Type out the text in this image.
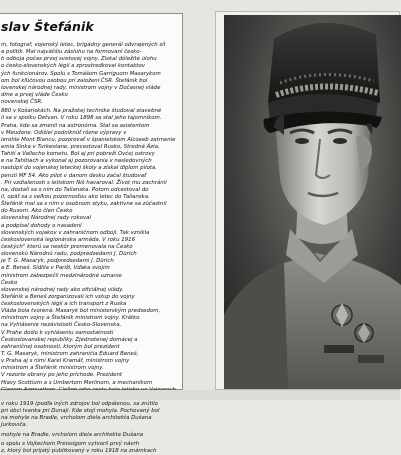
slav Štefánik
m, fotograf, vojenský letec, brigádny generál odvrajených síl
a politik. Mal najväčšiu zásluhu na formovaní česko-
h odboja počas prvej svetovej vojny. Získal dôležité úlohu
o česko-slovenských légií a zprostredkoval kontaktov
ých funkcionárov. Spolu s Tomášom Garriguom Masarykom
om bol kľúčovou osobou pri založení ČSR. Štefánik bol
lovenskej národnej rady, ministrom vojny v Dočasnej vláde
dme a prvej vláde Česko
novenskej ČSR.
880 v Košariskách. Na pražskej technike študoval stavebné
il sa v spolku Detvan. V roku 1898 sa stal jeho tajomníkom.
Praha, kde sa zmenil na astronóma. Stal sa asistentom
v Meudone. Odišiel podniknúť rôzne výpravy v
ierohle Mont Blancu, pozorovať v španielskom Alcoeeb zatmenie
emia Sinka v Turkestane, precestoval Rusko, Stredná Ázia,
Tahiti a Vallecho kometu. Bol aj pri pobreží Ovčej ostrovy
e na Tahitiach a vykonal aj pozorovania v nasledovných
nastúpil do vojenskej leteckej školy a získal diplom pilota.
peruti MF 54. Ako pilot v danom desku začal študovať
. Pri vzdialenosti s letiskom Niš havaroval. Život mu zachránil
na, dostali sa s ním do Talianska. Potom odcestoval do
il, opäť sa s veľkou pozornosťou ako letec do Talianska.
Štefánik mal sa s ním v osobnom styku, zaktívne sa zúčastnil
do Rusom. Ako člen Česko
slovenskej Národnej rady rokoval
a podpísal dohody o nasadení
slovenských vojakov v zahraničnom odboji. Tak vznikla
československá legionárska armáda. V roku 1916
českých" kterú sa neskôr premenovala na Česko
slovenskú Národnú radu, podpredsedami J. Dürich
je T. G. Masaryk, podpredsedami J. Dürich
a E. Beneš. Sídlila v Paríži, Vďaka svojím
ministrom zabezpečil medzinárodné uznanie
Česko
slovenskej národnej rady ako oficiálnej vlády.
Stefánik a Beneš zorganizovali ich vstup do vojny
československých légií a ich transport z Ruska
Vláda bola tvorená: Masaryk bol ministerským predsedom,
ministrom vojny a Štefánik ministrom vojny. Krátko
na Vyhlásenie nezávislosti Česko-Slovenska,
V Prahe došlo k vyhláseniu samostatnosti
Českoslovanskej republiky. Zjednotenej domácej a
zahraničnej osobnosti, ktorým bol prezident
T. G. Masaryk, ministrom zahraničia Eduard Beneš,
v Praha aj s nimi Karel Kramář, ministrom vojny
ministrom a Štefánik ministrom vojny.
V rezorte obrany po jeho príchode. Prezident
Hlavy Scottium a s Umbertom Merlinom, a mechanikom
v roku 1919 (podľa iných zdrojov bol odpálenou, sa zrútilo
pri obci Ivanka pri Dunaji. Kde stojí mohyla. Pochovaný bol
na mohyle na Bradle, vrcholom diela architekta Dušana
Jurkoviča.
mohyle na Bradle, vrcholom diela architekta Dušana
o spolu s Vojtechom Preissigom vytvoril prvý návrh
z, ktorý bol prijatý publikovaný v roku 1918 na známkach
